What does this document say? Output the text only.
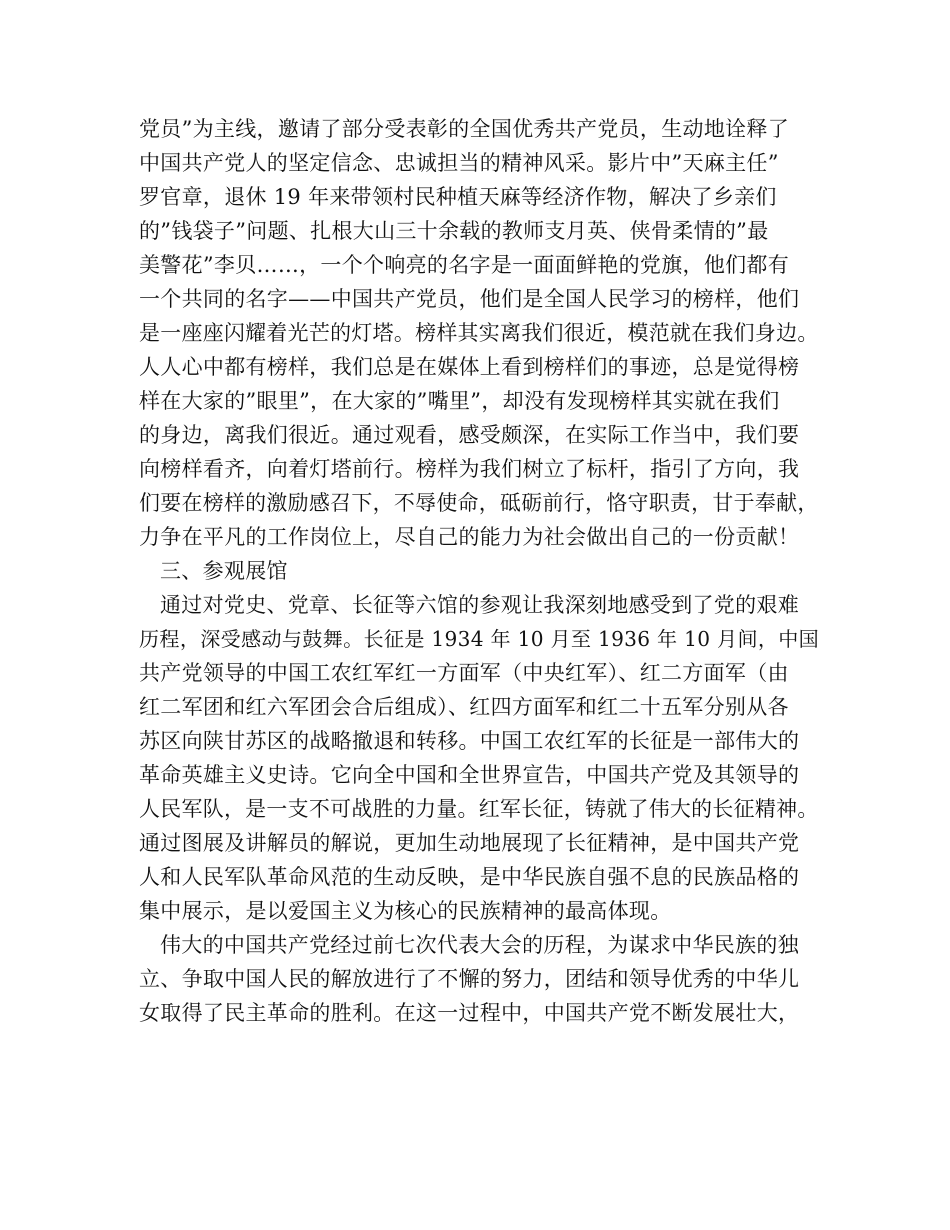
党员”为主线，邀请了部分受表彰的全国优秀共产党员，生动地诠释了
中国共产党人的坚定信念、忠诚担当的精神风采。影片中”天麻主任”
罗官章，退休 19 年来带领村民种植天麻等经济作物，解决了乡亲们
的”钱袋子”问题、扎根大山三十余载的教师支月英、侠骨柔情的”最
美警花”李贝……，一个个响亮的名字是一面面鲜艳的党旗，他们都有
一个共同的名字——中国共产党员，他们是全国人民学习的榜样，他们
是一座座闪耀着光芒的灯塔。榜样其实离我们很近，模范就在我们身边。
人人心中都有榜样，我们总是在媒体上看到榜样们的事迹，总是觉得榜
样在大家的”眼里”，在大家的”嘴里”，却没有发现榜样其实就在我们
的身边，离我们很近。通过观看，感受颇深，在实际工作当中，我们要
向榜样看齐，向着灯塔前行。榜样为我们树立了标杆，指引了方向，我
们要在榜样的激励感召下，不辱使命，砥砺前行，恪守职责，甘于奉献，
力争在平凡的工作岗位上，尽自己的能力为社会做出自己的一份贡献！
三、参观展馆
通过对党史、党章、长征等六馆的参观让我深刻地感受到了党的艰难
历程，深受感动与鼓舞。长征是 1934 年 10 月至 1936 年 10 月间，中国
共产党领导的中国工农红军红一方面军（中央红军）、红二方面军（由
红二军团和红六军团会合后组成）、红四方面军和红二十五军分别从各
苏区向陕甘苏区的战略撤退和转移。中国工农红军的长征是一部伟大的
革命英雄主义史诗。它向全中国和全世界宣告，中国共产党及其领导的
人民军队，是一支不可战胜的力量。红军长征，铸就了伟大的长征精神。
通过图展及讲解员的解说，更加生动地展现了长征精神，是中国共产党
人和人民军队革命风范的生动反映，是中华民族自强不息的民族品格的
集中展示，是以爱国主义为核心的民族精神的最高体现。
伟大的中国共产党经过前七次代表大会的历程，为谋求中华民族的独
立、争取中国人民的解放进行了不懈的努力，团结和领导优秀的中华儿
女取得了民主革命的胜利。在这一过程中，中国共产党不断发展壮大，
